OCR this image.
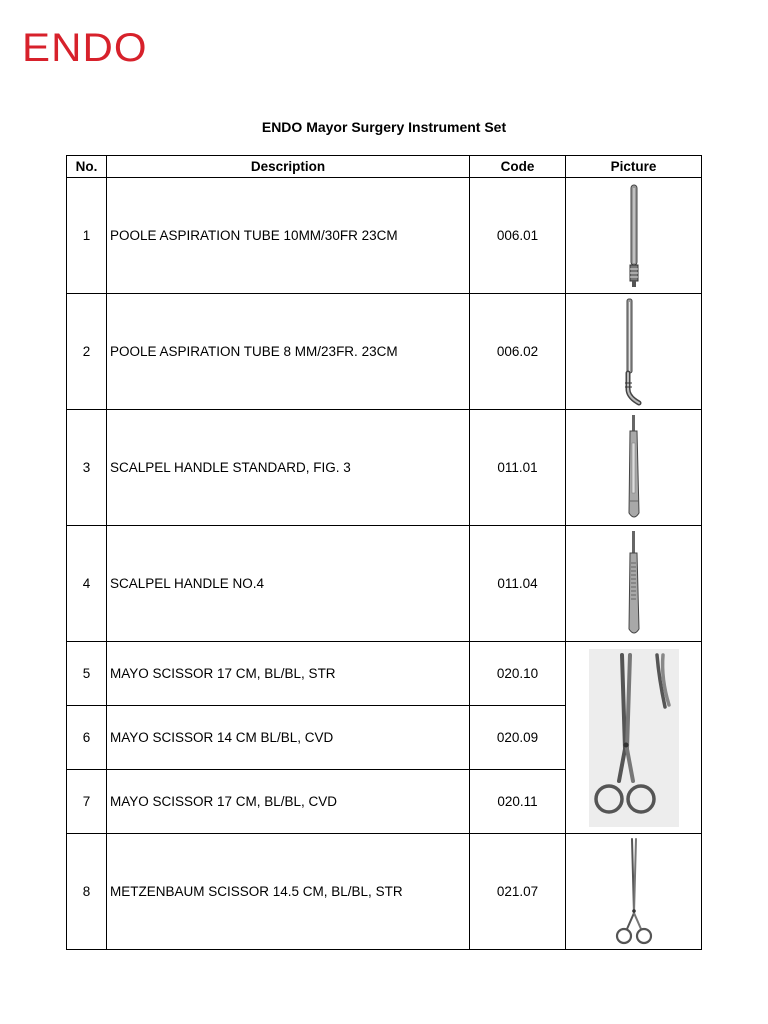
ENDO
ENDO Mayor Surgery Instrument Set
No.	Description	Code	Picture
1	POOLE ASPIRATION TUBE 10MM/30FR 23CM	006.01	

2	POOLE ASPIRATION TUBE 8 MM/23FR. 23CM	006.02	

3	SCALPEL HANDLE STANDARD, FIG. 3	011.01	

4	SCALPEL HANDLE NO.4	011.04	

5	MAYO SCISSOR 17 CM, BL/BL, STR	020.10	

6	MAYO SCISSOR 14 CM BL/BL, CVD	020.09	
7	MAYO SCISSOR 17 CM, BL/BL, CVD	020.11	
8	METZENBAUM SCISSOR 14.5 CM, BL/BL, STR	021.07	
